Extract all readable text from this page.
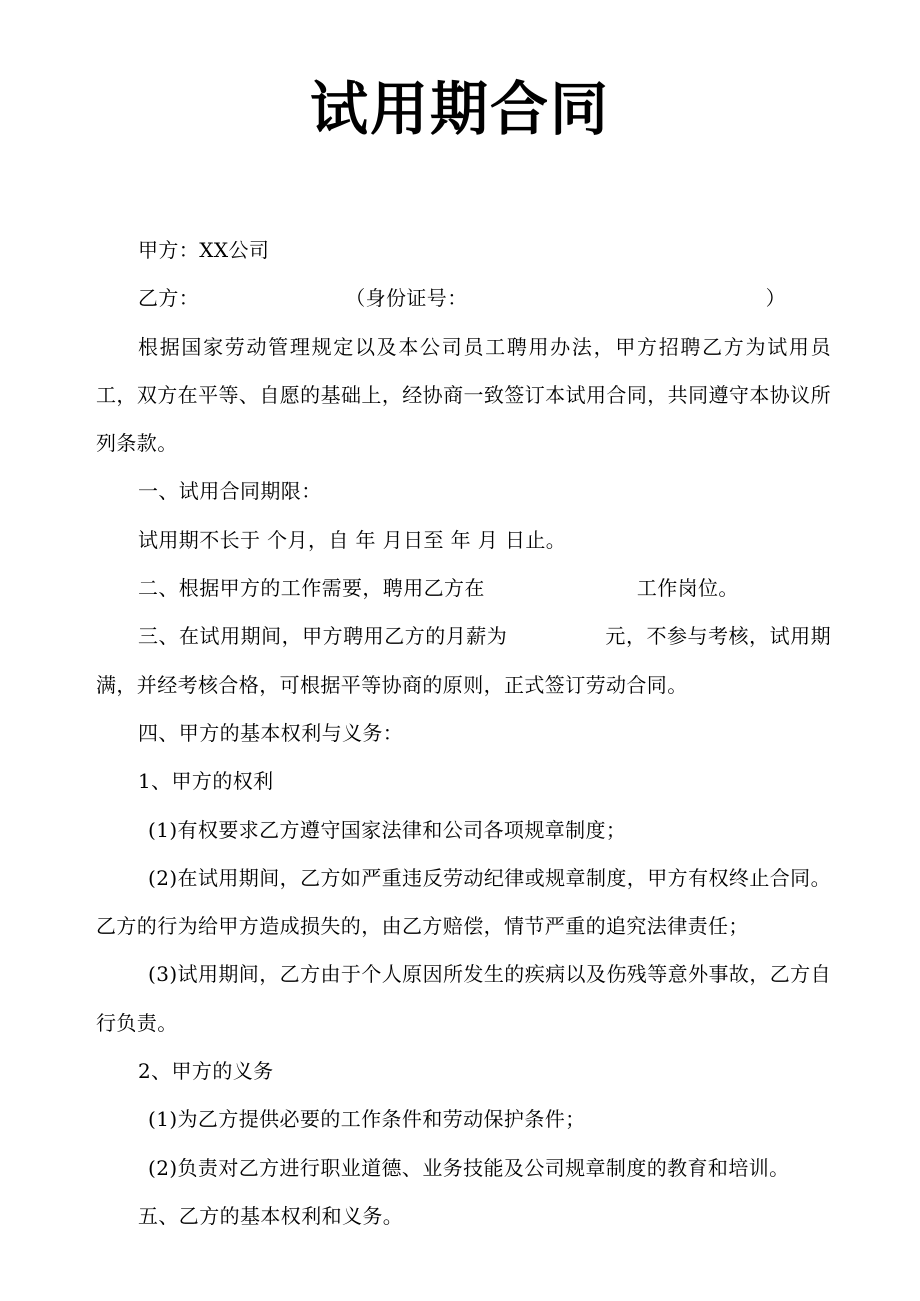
试用期合同

甲方：XX公司

乙方：	（身份证号：	）

根据国家劳动管理规定以及本公司员工聘用办法，甲方招聘乙方为试用员工，双方在平等、自愿的基础上，经协商一致签订本试用合同，共同遵守本协议所列条款。

一、试用合同期限：

试用期不长于 个月，自 年 月日至 年 月 日止。

二、根据甲方的工作需要，聘用乙方在	工作岗位。

三、在试用期间，甲方聘用乙方的月薪为	元，不参与考核，试用期满，并经考核合格，可根据平等协商的原则，正式签订劳动合同。

四、甲方的基本权利与义务：

1、甲方的权利

(1)有权要求乙方遵守国家法律和公司各项规章制度；

(2)在试用期间，乙方如严重违反劳动纪律或规章制度，甲方有权终止合同。乙方的行为给甲方造成损失的，由乙方赔偿，情节严重的追究法律责任；

(3)试用期间，乙方由于个人原因所发生的疾病以及伤残等意外事故，乙方自行负责。

2、甲方的义务

(1)为乙方提供必要的工作条件和劳动保护条件；

(2)负责对乙方进行职业道德、业务技能及公司规章制度的教育和培训。

五、乙方的基本权利和义务。
